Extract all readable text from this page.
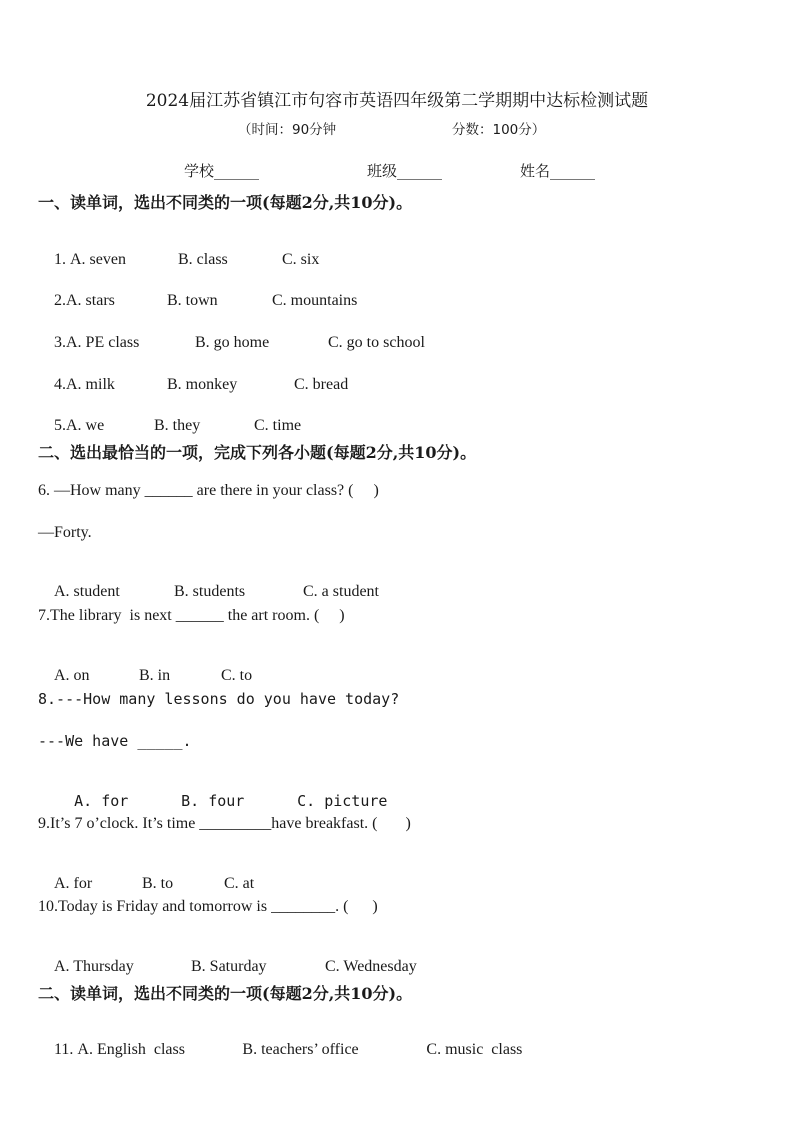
2024届江苏省镇江市句容市英语四年级第二学期期中达标检测试题
（时间：90分钟	分数：100分）
学校______	班级______	姓名______
一、读单词，选出不同类的一项(每题2分,共10分)。

1. A. seven	B. class	C. six

2.A. stars	B. town	C. mountains

3.A. PE class	B. go home	C. go to school

4.A. milk	B. monkey	C. bread

5.A. we	B. they	C. time

二、选出最恰当的一项，完成下列各小题(每题2分,共10分)。
6. —How many ______ are there in your class? (     )
—Forty.

A. student	B. students	C. a student

7.The library  is next ______ the art room. (     )

A. on	B. in	C. to

8.---How many lessons do you have today?
---We have _____.

A. for	B. four	C. picture

9.It’s 7 o’clock. It’s time _________have breakfast. (       )

A. for	B. to	C. at

10.Today is Friday and tomorrow is ________. (      )

A. Thursday	B. Saturday	C. Wednesday

二、读单词，选出不同类的一项(每题2分,共10分)。

11. A. English  class	B. teachers’ office	C. music  class
